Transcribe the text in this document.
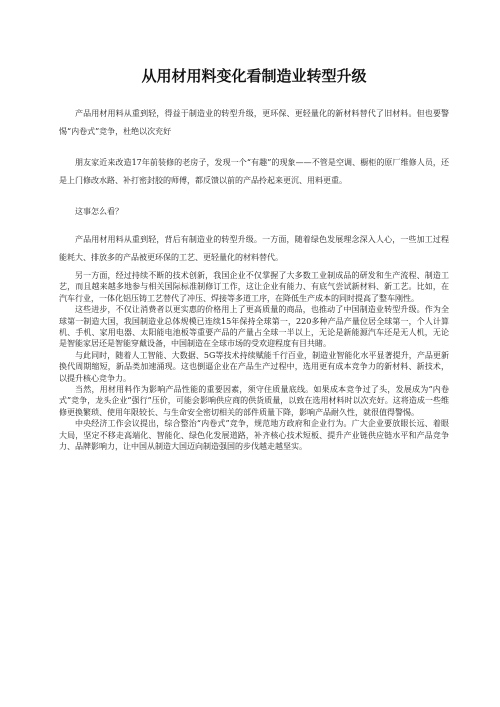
从用材用料变化看制造业转型升级

产品用材用料从重到轻，得益于制造业的转型升级，更环保、更轻量化的新材料替代了旧材料。但也要警惕“内卷式”竞争，杜绝以次充好

朋友家近来改造17年前装修的老房子，发现一个“有趣”的现象——不管是空调、橱柜的原厂维修人员，还是上门修改水路、补打密封胶的师傅，都反馈以前的产品拎起来更沉、用料更重。

这事怎么看？

产品用材用料从重到轻，背后有制造业的转型升级。一方面，随着绿色发展理念深入人心，一些加工过程能耗大、排放多的产品被更环保的工艺、更轻量化的材料替代。

另一方面，经过持续不断的技术创新，我国企业不仅掌握了大多数工业制成品的研发和生产流程、制造工艺，而且越来越多地参与相关国际标准制修订工作，这让企业有能力、有底气尝试新材料、新工艺。比如，在汽车行业，一体化铝压铸工艺替代了冲压、焊接等多道工序，在降低生产成本的同时提高了整车刚性。

这些进步，不仅让消费者以更实惠的价格用上了更高质量的商品，也推动了中国制造业转型升级。作为全球第一制造大国，我国制造业总体规模已连续15年保持全球第一，220多种产品产量位居全球第一，个人计算机、手机、家用电器、太阳能电池板等重要产品的产量占全球一半以上，无论是新能源汽车还是无人机，无论是智能家居还是智能穿戴设备，中国制造在全球市场的受欢迎程度有目共睹。

与此同时，随着人工智能、大数据、5G等技术持续赋能千行百业，制造业智能化水平显著提升，产品更新换代周期缩短，新品类加速涌现。这也倒逼企业在产品生产过程中，选用更有成本竞争力的新材料、新技术，以提升核心竞争力。

当然，用材用料作为影响产品性能的重要因素，须守住质量底线。如果成本竞争过了头，发展成为“内卷式”竞争，龙头企业“强行”压价，可能会影响供应商的供货质量，以致在选用材料时以次充好。这将造成一些维修更换繁琐、使用年限较长、与生命安全密切相关的部件质量下降，影响产品耐久性，就很值得警惕。

中央经济工作会议提出，综合整治“内卷式”竞争，规范地方政府和企业行为。广大企业要放眼长远、着眼大局，坚定不移走高端化、智能化、绿色化发展道路，补齐核心技术短板、提升产业链供应链水平和产品竞争力、品牌影响力，让中国从制造大国迈向制造强国的步伐越走越坚实。
